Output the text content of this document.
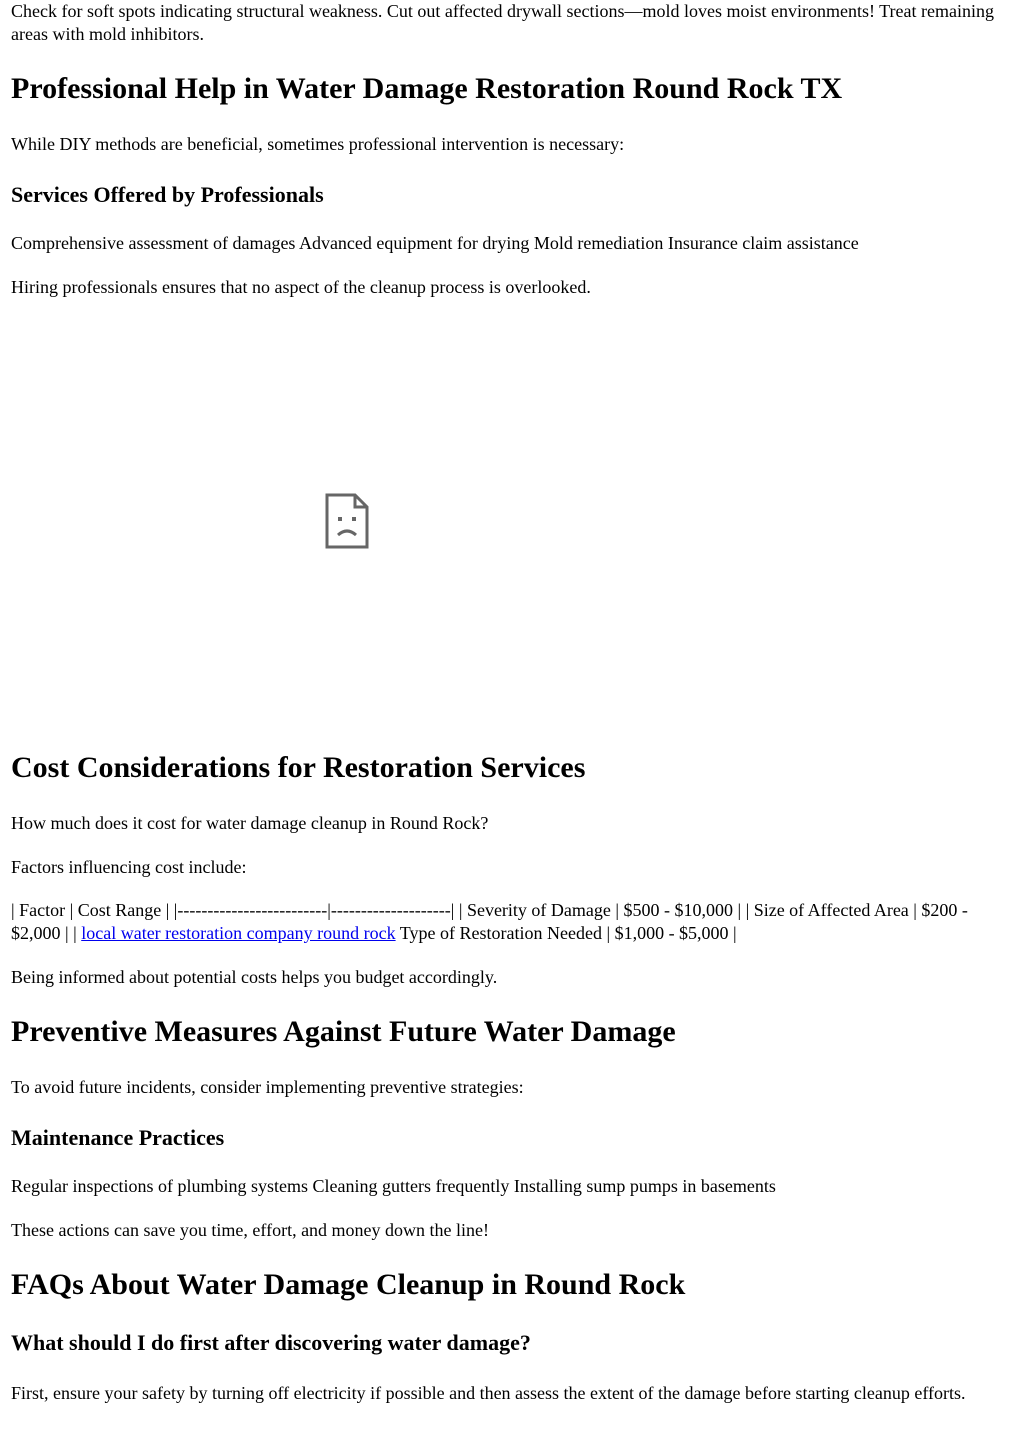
Check for soft spots indicating structural weakness. Cut out affected drywall sections—mold loves moist environments! Treat remaining areas with mold inhibitors.

Professional Help in Water Damage Restoration Round Rock TX

While DIY methods are beneficial, sometimes professional intervention is necessary:

Services Offered by Professionals

Comprehensive assessment of damages Advanced equipment for drying Mold remediation Insurance claim assistance

Hiring professionals ensures that no aspect of the cleanup process is overlooked.

Cost Considerations for Restoration Services

How much does it cost for water damage cleanup in Round Rock?

Factors influencing cost include:

| Factor | Cost Range | |-------------------------|--------------------| | Severity of Damage | $500 - $10,000 | | Size of Affected Area | $200 - $2,000 | | local water restoration company round rock Type of Restoration Needed | $1,000 - $5,000 |

Being informed about potential costs helps you budget accordingly.

Preventive Measures Against Future Water Damage

To avoid future incidents, consider implementing preventive strategies:

Maintenance Practices

Regular inspections of plumbing systems Cleaning gutters frequently Installing sump pumps in basements

These actions can save you time, effort, and money down the line!

FAQs About Water Damage Cleanup in Round Rock
What should I do first after discovering water damage?

First, ensure your safety by turning off electricity if possible and then assess the extent of the damage before starting cleanup efforts.
